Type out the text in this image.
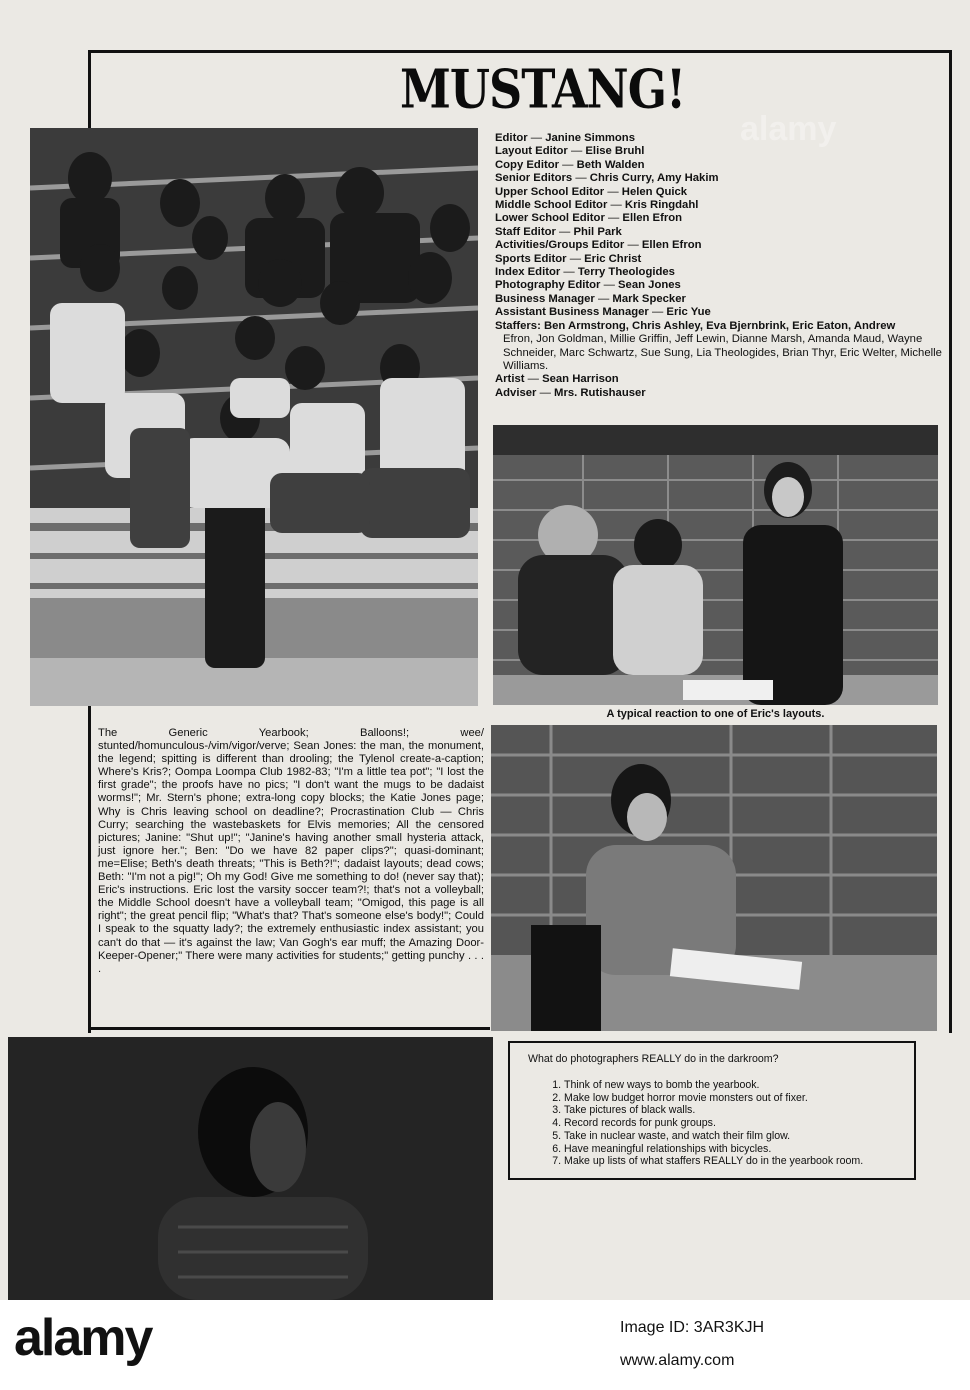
MUSTANG!
Editor — Janine Simmons
Layout Editor — Elise Bruhl
Copy Editor — Beth Walden
Senior Editors — Chris Curry, Amy Hakim
Upper School Editor — Helen Quick
Middle School Editor — Kris Ringdahl
Lower School Editor — Ellen Efron
Staff Editor — Phil Park
Activities/Groups Editor — Ellen Efron
Sports Editor — Eric Christ
Index Editor — Terry Theologides
Photography Editor — Sean Jones
Business Manager — Mark Specker
Assistant Business Manager — Eric Yue
Staffers: Ben Armstrong, Chris Ashley, Eva Bjernbrink, Eric Eaton, Andrew
Efron, Jon Goldman, Millie Griffin, Jeff Lewin, Dianne Marsh, Amanda Maud, Wayne Schneider, Marc Schwartz, Sue Sung, Lia Theologides, Brian Thyr, Eric Welter, Michelle Williams.
Artist — Sean Harrison
Adviser — Mrs. Rutishauser
A typical reaction to one of Eric's layouts.
The Generic Yearbook; Balloons!; wee/ stunted/homunculous-/vim/vigor/verve; Sean Jones: the man, the monument, the legend; spitting is different than drooling; the Tylenol create-a-caption; Where's Kris?; Oompa Loompa Club 1982-83; "I'm a little tea pot"; "I lost the first grade"; the proofs have no pics; "I don't want the mugs to be dadaist worms!"; Mr. Stern's phone; extra-long copy blocks; the Katie Jones page; Why is Chris leaving school on deadline?; Procrastination Club — Chris Curry; searching the wastebaskets for Elvis memories; All the censored pictures; Janine: "Shut up!"; "Janine's having another small hysteria attack, just ignore her."; Ben: "Do we have 82 paper clips?"; quasi-dominant; me=Elise; Beth's death threats; "This is Beth?!"; dadaist layouts; dead cows; Beth: "I'm not a pig!"; Oh my God! Give me something to do! (never say that); Eric's instructions. Eric lost the varsity soccer team?!; that's not a volleyball; the Middle School doesn't have a volleyball team; "Omigod, this page is all right"; the great pencil flip; "What's that? That's someone else's body!"; Could I speak to the squatty lady?; the extremely enthusiastic index assistant; you can't do that — it's against the law; Van Gogh's ear muff; the Amazing Door-Keeper-Opener;" There were many activities for students;" getting punchy . . . .
What do photographers REALLY do in the darkroom?
1. Think of new ways to bomb the yearbook.
2. Make low budget horror movie monsters out of fixer.
3. Take pictures of black walls.
4. Record records for punk groups.
5. Take in nuclear waste, and watch their film glow.
6. Have meaningful relationships with bicycles.
7. Make up lists of what staffers REALLY do in the yearbook room.
alamy
alamy	Image ID: 3AR3KJH
www.alamy.com
